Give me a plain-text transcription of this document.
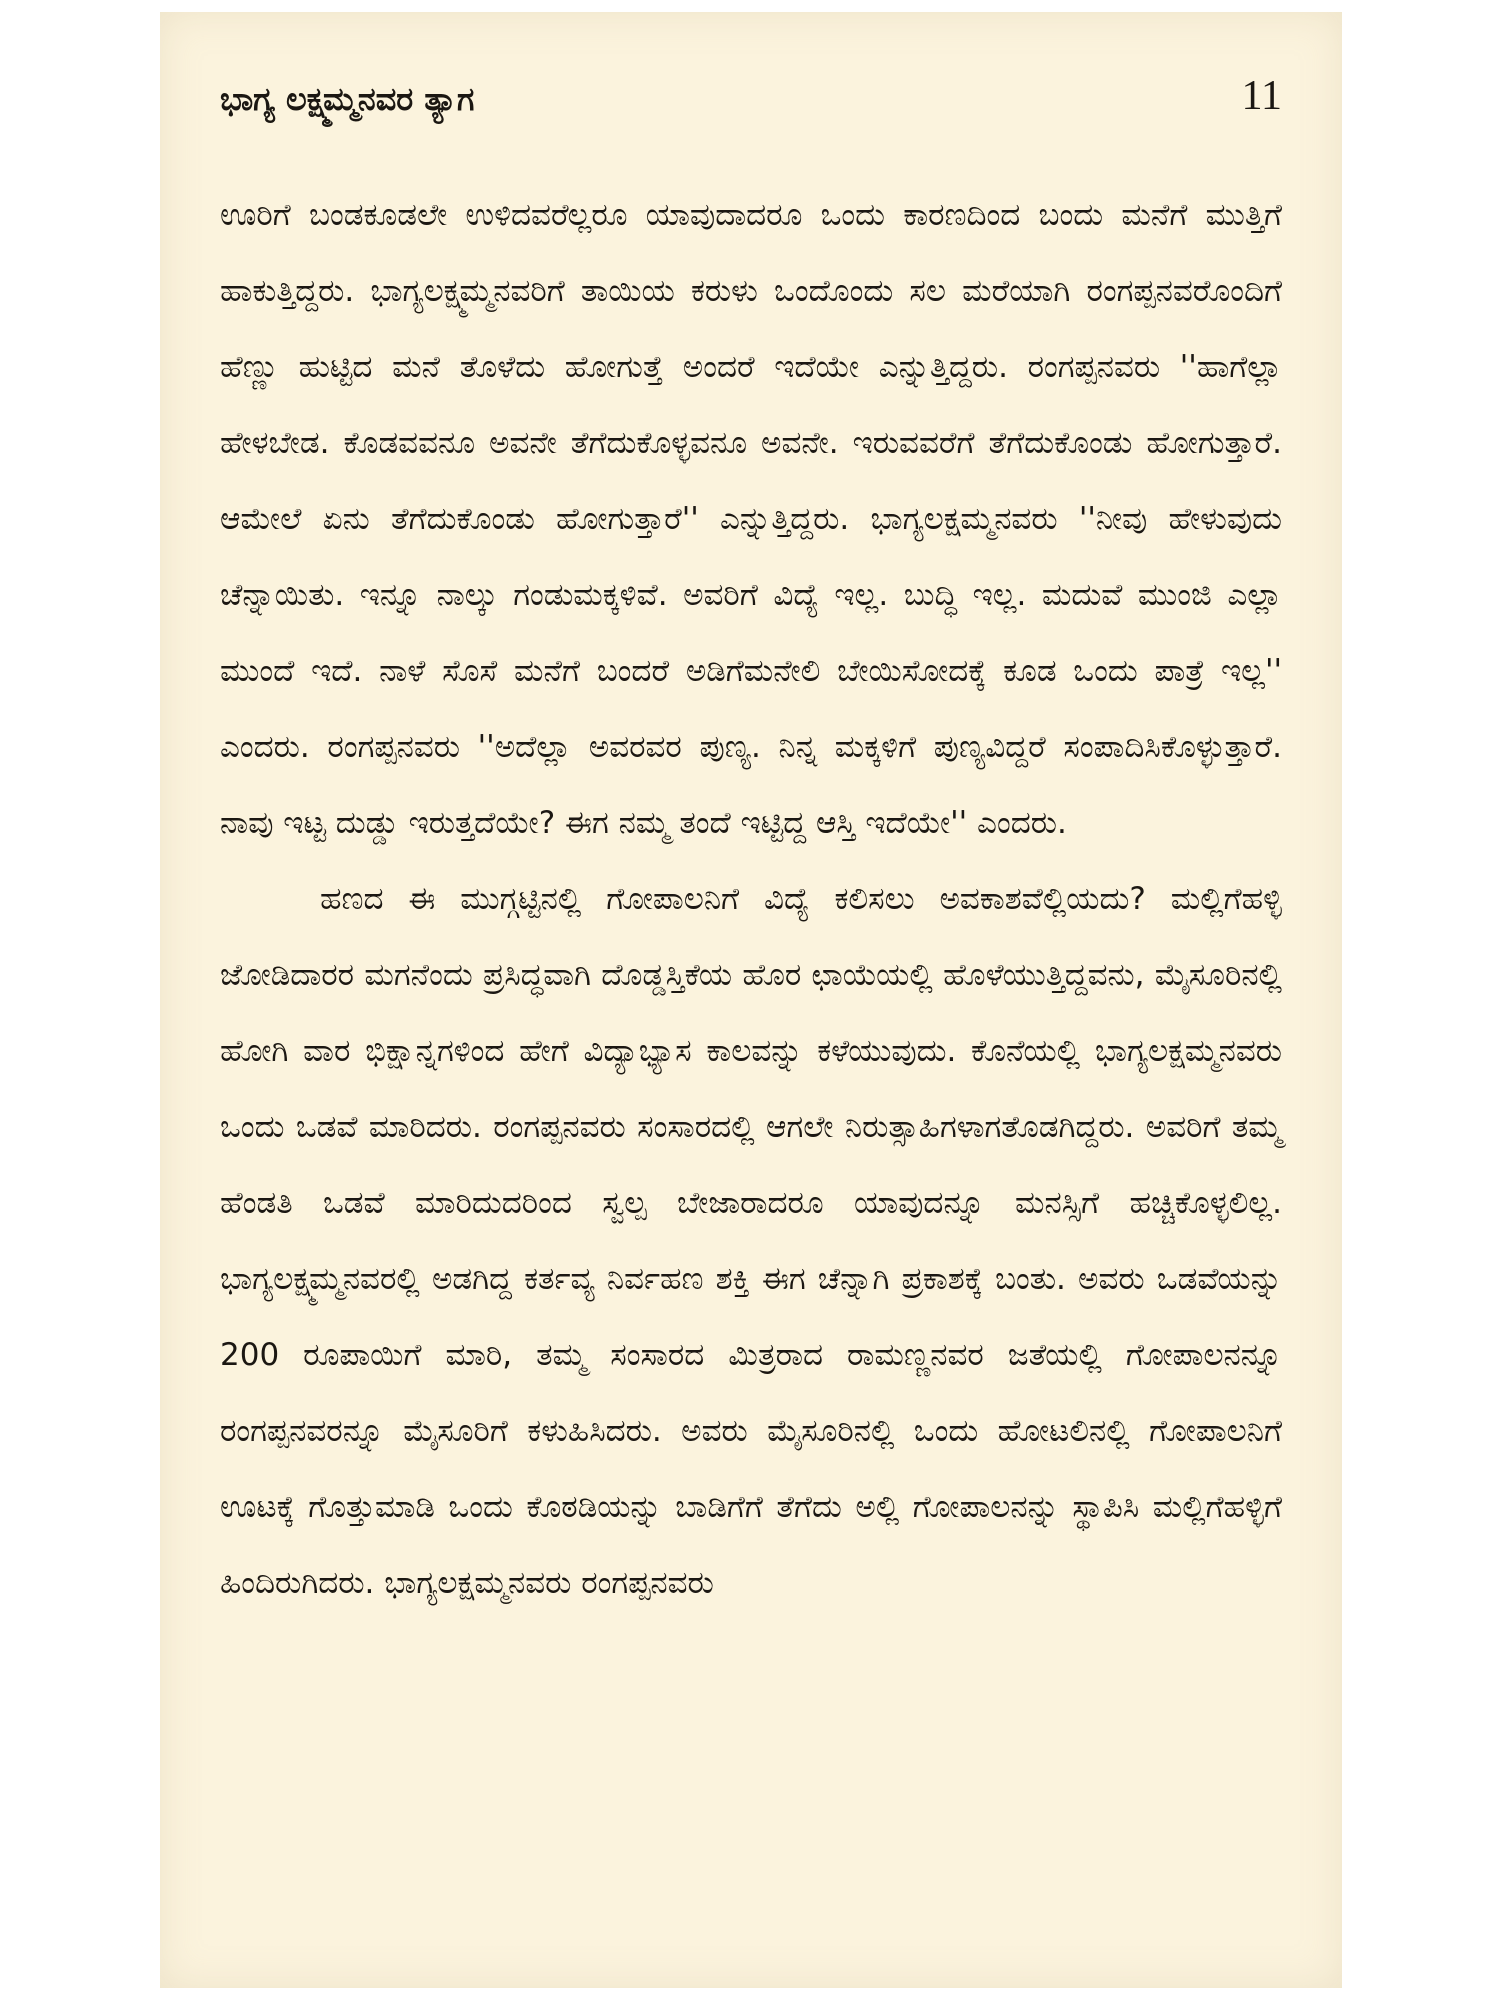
ಭಾಗ್ಯ ಲಕ್ಷ್ಮಮ್ಮನವರ ತ್ಯಾಗ	11

ಊರಿಗೆ ಬಂಡಕೂಡಲೇ ಉಳಿದವರೆಲ್ಲರೂ ಯಾವುದಾದರೂ ಒಂದು ಕಾರಣದಿಂದ ಬಂದು ಮನೆಗೆ ಮುತ್ತಿಗೆ ಹಾಕುತ್ತಿದ್ದರು. ಭಾಗ್ಯಲಕ್ಷ್ಮಮ್ಮನವರಿಗೆ ತಾಯಿಯ ಕರುಳು ಒಂದೊಂದು ಸಲ ಮರೆಯಾಗಿ ರಂಗಪ್ಪನವರೊಂದಿಗೆ ಹೆಣ್ಣು ಹುಟ್ಟಿದ ಮನೆ ತೊಳೆದು ಹೋಗುತ್ತೆ ಅಂದರೆ ಇದೆಯೇ ಎನ್ನುತ್ತಿದ್ದರು. ರಂಗಪ್ಪನವರು ''ಹಾಗೆಲ್ಲಾ ಹೇಳಬೇಡ. ಕೊಡವವನೂ ಅವನೇ ತೆಗೆದುಕೊಳ್ಳವನೂ ಅವನೇ. ಇರುವವರೆಗೆ ತೆಗೆದುಕೊಂಡು ಹೋಗುತ್ತಾರೆ. ಆಮೇಲೆ ಏನು ತೆಗೆದುಕೊಂಡು ಹೋಗುತ್ತಾರೆ'' ಎನ್ನುತ್ತಿದ್ದರು. ಭಾಗ್ಯಲಕ್ಷಮ್ಮನವರು ''ನೀವು ಹೇಳುವುದು ಚೆನ್ನಾಯಿತು. ಇನ್ನೂ ನಾಲ್ಕು ಗಂಡುಮಕ್ಕಳಿವೆ. ಅವರಿಗೆ ವಿದ್ಯೆ ಇಲ್ಲ. ಬುದ್ಧಿ ಇಲ್ಲ. ಮದುವೆ ಮುಂಜಿ ಎಲ್ಲಾ ಮುಂದೆ ಇದೆ. ನಾಳೆ ಸೊಸೆ ಮನೆಗೆ ಬಂದರೆ ಅಡಿಗೆಮನೇಲಿ ಬೇಯಿಸೋದಕ್ಕೆ ಕೂಡ ಒಂದು ಪಾತ್ರೆ ಇಲ್ಲ'' ಎಂದರು. ರಂಗಪ್ಪನವರು ''ಅದೆಲ್ಲಾ ಅವರವರ ಪುಣ್ಯ. ನಿನ್ನ ಮಕ್ಕಳಿಗೆ ಪುಣ್ಯವಿದ್ದರೆ ಸಂಪಾದಿಸಿಕೊಳ್ಳುತ್ತಾರೆ. ನಾವು ಇಟ್ಟ ದುಡ್ಡು ಇರುತ್ತದೆಯೇ? ಈಗ ನಮ್ಮ ತಂದೆ ಇಟ್ಟಿದ್ದ ಆಸ್ತಿ ಇದೆಯೇ'' ಎಂದರು.

ಹಣದ ಈ ಮುಗ್ಗಟ್ಟಿನಲ್ಲಿ ಗೋಪಾಲನಿಗೆ ವಿದ್ಯೆ ಕಲಿಸಲು ಅವಕಾಶವೆಲ್ಲಿಯದು? ಮಲ್ಲಿಗೆಹಳ್ಳಿ ಜೋಡಿದಾರರ ಮಗನೆಂದು ಪ್ರಸಿದ್ಧವಾಗಿ ದೊಡ್ಡಸ್ತಿಕೆಯ ಹೊರ ಛಾಯೆಯಲ್ಲಿ ಹೊಳೆಯುತ್ತಿದ್ದವನು, ಮೈಸೂರಿನಲ್ಲಿ ಹೋಗಿ ವಾರ ಭಿಕ್ಷಾನ್ನಗಳಿಂದ ಹೇಗೆ ವಿದ್ಯಾಭ್ಯಾಸ ಕಾಲವನ್ನು ಕಳೆಯುವುದು. ಕೊನೆಯಲ್ಲಿ ಭಾಗ್ಯಲಕ್ಷಮ್ಮನವರು ಒಂದು ಒಡವೆ ಮಾರಿದರು. ರಂಗಪ್ಪನವರು ಸಂಸಾರದಲ್ಲಿ ಆಗಲೇ ನಿರುತ್ಸಾಹಿಗಳಾಗತೊಡಗಿದ್ದರು. ಅವರಿಗೆ ತಮ್ಮ ಹೆಂಡತಿ ಒಡವೆ ಮಾರಿದುದರಿಂದ ಸ್ವಲ್ಪ ಬೇಜಾರಾದರೂ ಯಾವುದನ್ನೂ ಮನಸ್ಸಿಗೆ ಹಚ್ಚಿಕೊಳ್ಳಲಿಲ್ಲ. ಭಾಗ್ಯಲಕ್ಷ್ಮಮ್ಮನವರಲ್ಲಿ ಅಡಗಿದ್ದ ಕರ್ತವ್ಯ ನಿರ್ವಹಣ ಶಕ್ತಿ ಈಗ ಚೆನ್ನಾಗಿ ಪ್ರಕಾಶಕ್ಕೆ ಬಂತು. ಅವರು ಒಡವೆಯನ್ನು 200 ರೂಪಾಯಿಗೆ ಮಾರಿ, ತಮ್ಮ ಸಂಸಾರದ ಮಿತ್ರರಾದ ರಾಮಣ್ಣನವರ ಜತೆಯಲ್ಲಿ ಗೋಪಾಲನನ್ನೂ ರಂಗಪ್ಪನವರನ್ನೂ ಮೈಸೂರಿಗೆ ಕಳುಹಿಸಿದರು. ಅವರು ಮೈಸೂರಿನಲ್ಲಿ ಒಂದು ಹೋಟಲಿನಲ್ಲಿ ಗೋಪಾಲನಿಗೆ ಊಟಕ್ಕೆ ಗೊತ್ತುಮಾಡಿ ಒಂದು ಕೊಠಡಿಯನ್ನು ಬಾಡಿಗೆಗೆ ತೆಗೆದು ಅಲ್ಲಿ ಗೋಪಾಲನನ್ನು ಸ್ಥಾಪಿಸಿ ಮಲ್ಲಿಗೆಹಳ್ಳಿಗೆ ಹಿಂದಿರುಗಿದರು. ಭಾಗ್ಯಲಕ್ಷಮ್ಮನವರು ರಂಗಪ್ಪನವರು
